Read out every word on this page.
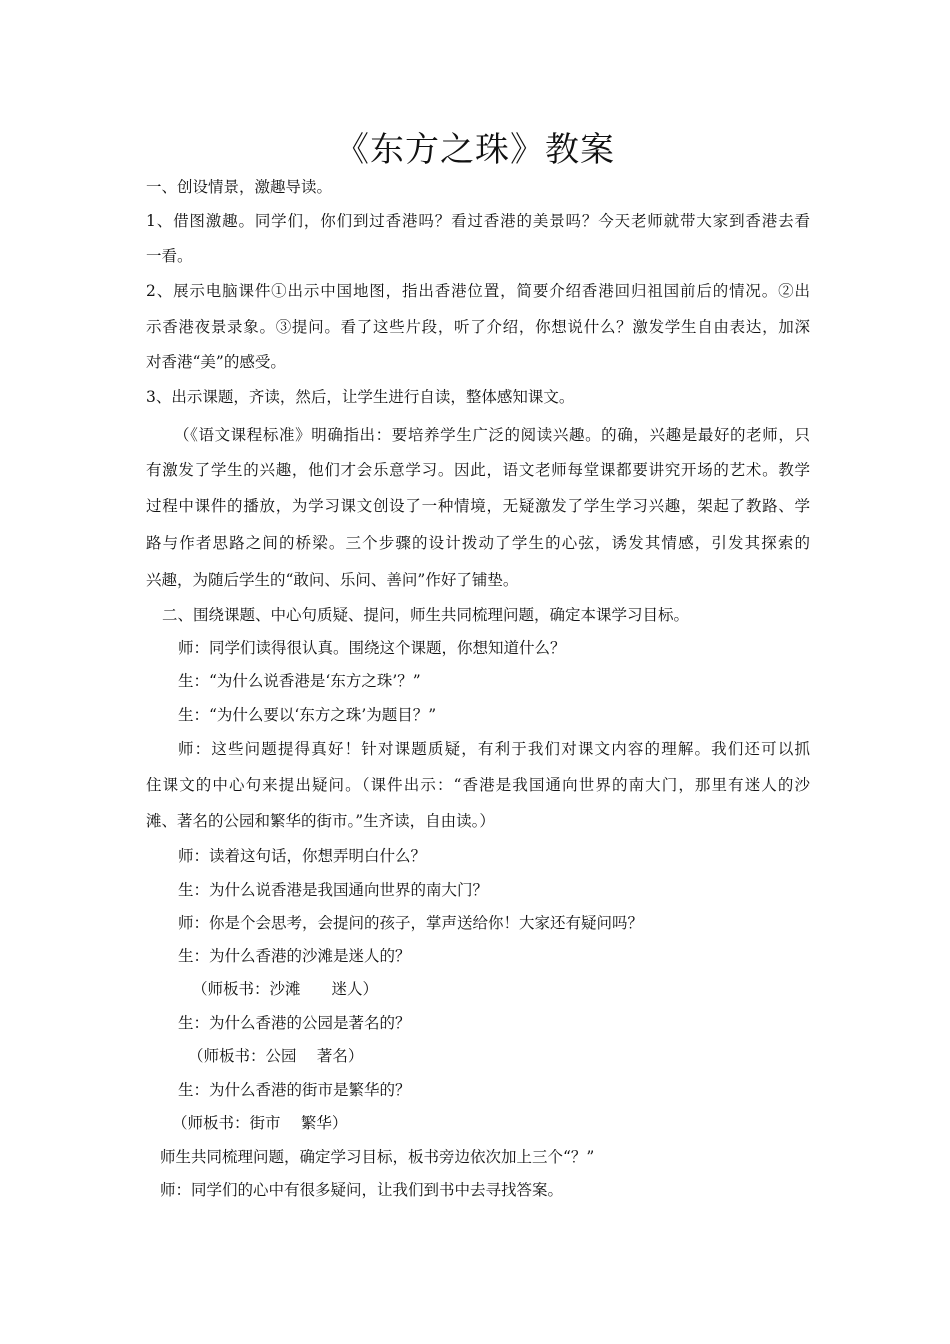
《东方之珠》教案
一、创设情景，激趣导读。
1、借图激趣。同学们，你们到过香港吗？看过香港的美景吗？今天老师就带大家到香港去看
一看。
2、展示电脑课件①出示中国地图，指出香港位置，简要介绍香港回归祖国前后的情况。②出
示香港夜景录象。③提问。看了这些片段，听了介绍，你想说什么？激发学生自由表达，加深
对香港“美”的感受。
3、出示课题，齐读，然后，让学生进行自读，整体感知课文。
（《语文课程标准》明确指出：要培养学生广泛的阅读兴趣。的确，兴趣是最好的老师，只
有激发了学生的兴趣，他们才会乐意学习。因此，语文老师每堂课都要讲究开场的艺术。教学
过程中课件的播放，为学习课文创设了一种情境，无疑激发了学生学习兴趣，架起了教路、学
路与作者思路之间的桥梁。三个步骤的设计拨动了学生的心弦，诱发其情感，引发其探索的
兴趣，为随后学生的“敢问、乐问、善问”作好了铺垫。
二、围绕课题、中心句质疑、提问，师生共同梳理问题，确定本课学习目标。
师：同学们读得很认真。围绕这个课题，你想知道什么？
生：“为什么说香港是‘东方之珠’？”
生：“为什么要以‘东方之珠’为题目？”
师：这些问题提得真好！针对课题质疑，有利于我们对课文内容的理解。我们还可以抓
住课文的中心句来提出疑问。（课件出示：“香港是我国通向世界的南大门，那里有迷人的沙
滩、著名的公园和繁华的街市。”生齐读，自由读。）
师：读着这句话，你想弄明白什么？
生：为什么说香港是我国通向世界的南大门？
师：你是个会思考，会提问的孩子，掌声送给你！大家还有疑问吗？
生：为什么香港的沙滩是迷人的？
（师板书：沙滩　　迷人）
生：为什么香港的公园是著名的？
（师板书：公园　 著名）
生：为什么香港的街市是繁华的？
（师板书：街市　 繁华）
师生共同梳理问题，确定学习目标，板书旁边依次加上三个“？”
师：同学们的心中有很多疑问，让我们到书中去寻找答案。
